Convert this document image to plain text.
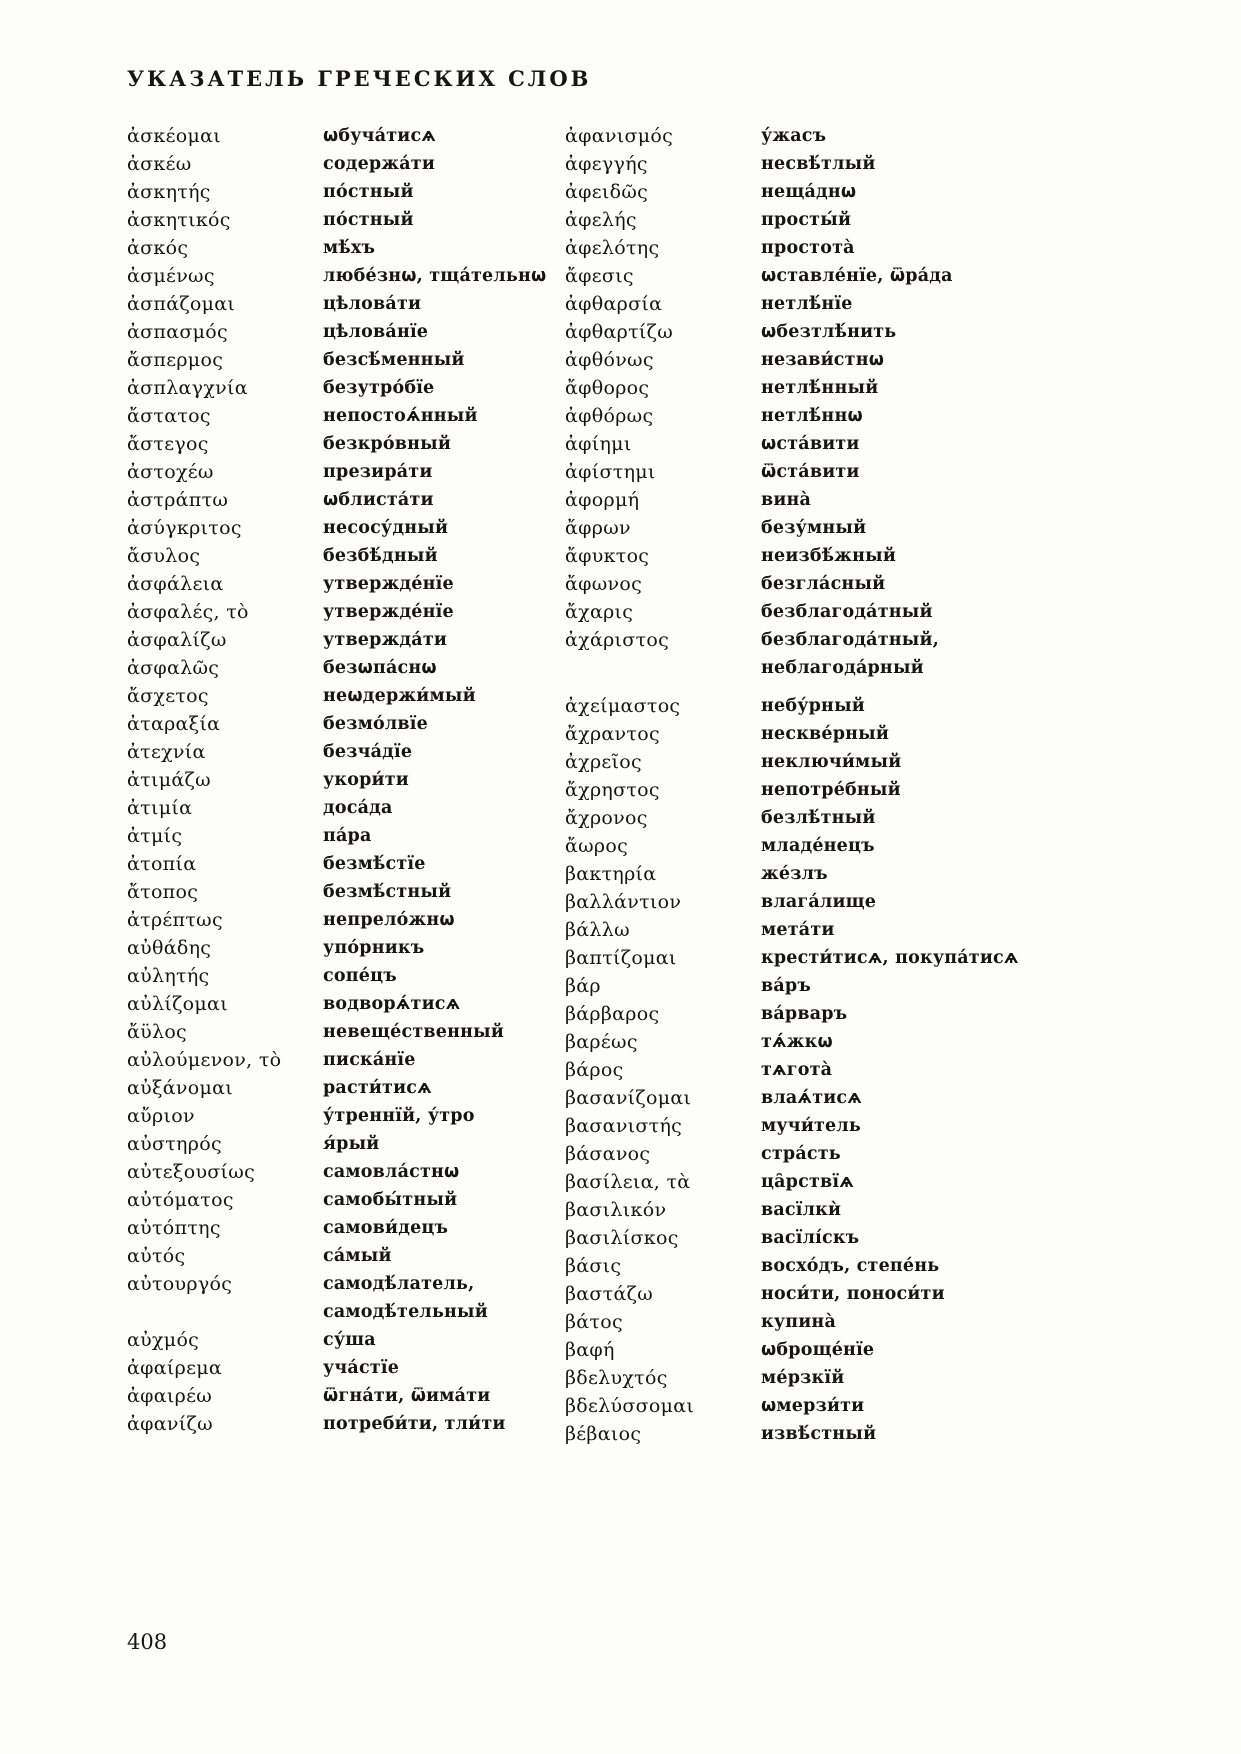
УКАЗАТЕЛЬ ГРЕЧЕСКИХ СЛОВ
ἀσκέομαι	ѡбуча́тисѧ
ἀσκέω	содержа́ти
ἀσκητής	по́стный
ἀσκητικός	по́стный
ἀσκός	мѣ́хъ
ἀσμένως	любе́знѡ, тща́тельнѡ
ἀσπάζομαι	цѣлова́ти
ἀσπασμός	цѣлова́нїе
ἄσπερμος	безсѣ́менный
ἀσπλαγχνία	безутро́бїе
ἄστατος	непостоѧ́нный
ἄστεγος	безкро́вный
ἀστοχέω	презира́ти
ἀστράπτω	ѡблиста́ти
ἀσύγκριτος	несосу́дный
ἄσυλος	безбѣ́дный
ἀσφάλεια	утвержде́нїе
ἀσφαλές, τὸ	утвержде́нїе
ἀσφαλίζω	утвержда́ти
ἀσφαλῶς	безѡпа́снѡ
ἄσχετος	неѡдержи́мый
ἀταραξία	безмо́лвїе
ἀτεχνία	безча́дїе
ἀτιμάζω	укори́ти
ἀτιμία	доса́да
ἀτμίς	па́ра
ἀτοπία	безмѣ́стїе
ἄτοπος	безмѣ́стный
ἀτρέπτως	непрело́жнѡ
αὐθάδης	упо́рникъ
αὐλητής	сопе́цъ
αὐλίζομαι	водворѧ́тисѧ
ἄϋλος	невеще́ственный
αὐλούμενον, τὸ	писка́нїе
αὐξάνομαι	расти́тисѧ
αὔριον	у́треннїй, у́тро
αὐστηρός	я́рый
αὐτεξουσίως	самовла́стнѡ
αὐτόματος	самобы́тный
αὐτόπτης	самови́децъ
αὐτός	са́мый
αὐτουργός	самодѣ́латель,
самодѣ́тельный
αὐχμός	су́ша
ἀφαίρεμα	уча́стїе
ἀφαιρέω	ѿгна́ти, ѿима́ти
ἀφανίζω	потреби́ти, тли́ти
ἀφανισμός	у́жасъ
ἀφεγγής	несвѣ́тлый
ἀφειδῶς	неща́днѡ
ἀφελής	просты́й
ἀφελότης	простота̀
ἄφεσις	ѡставле́нїе, ѿра́да
ἀφθαρσία	нетлѣ́нїе
ἀφθαρτίζω	ѡбезтлѣ́нить
ἀφθόνως	незави́стнѡ
ἄφθορος	нетлѣ́нный
ἀφθόρως	нетлѣ́ннѡ
ἀφίημι	ѡста́вити
ἀφίστημι	ѿста́вити
ἀφορμή	вина̀
ἄφρων	безу́мный
ἄφυκτος	неизбѣ́жный
ἄφωνος	безгла́сный
ἄχαρις	безблагода́тный
ἀχάριστος	безблагода́тный,
неблагода́рный
ἀχείμαστος	небу́рный
ἄχραντος	нескве́рный
ἀχρεῖος	неключи́мый
ἄχρηστος	непотре́бный
ἄχρονος	безлѣ́тный
ἄωρος	младе́нецъ
βακτηρία	же́злъ
βαλλάντιον	влага́лище
βάλλω	мета́ти
βαπτίζομαι	крести́тисѧ, покупа́тисѧ
βάρ	ва́ръ
βάρβαρος	ва́рваръ
βαρέως	тѧ́жкѡ
βάρος	тѧгота̀
βασανίζομαι	влаѧ́тисѧ
βασανιστής	мучи́тель
βάσανος	стра́сть
βασίλεια, τὰ	ца̑рствїѧ
βασιλικόν	васїлкѝ
βασιλίσκος	васїлі́скъ
βάσις	восхо́дъ, степе́нь
βαστάζω	носи́ти, поноси́ти
βάτος	купина̀
βαφή	ѡброще́нїе
βδελυχτός	ме́рзкїй
βδελύσσομαι	ѡмерзи́ти
βέβαιος	извѣ́стный
408
